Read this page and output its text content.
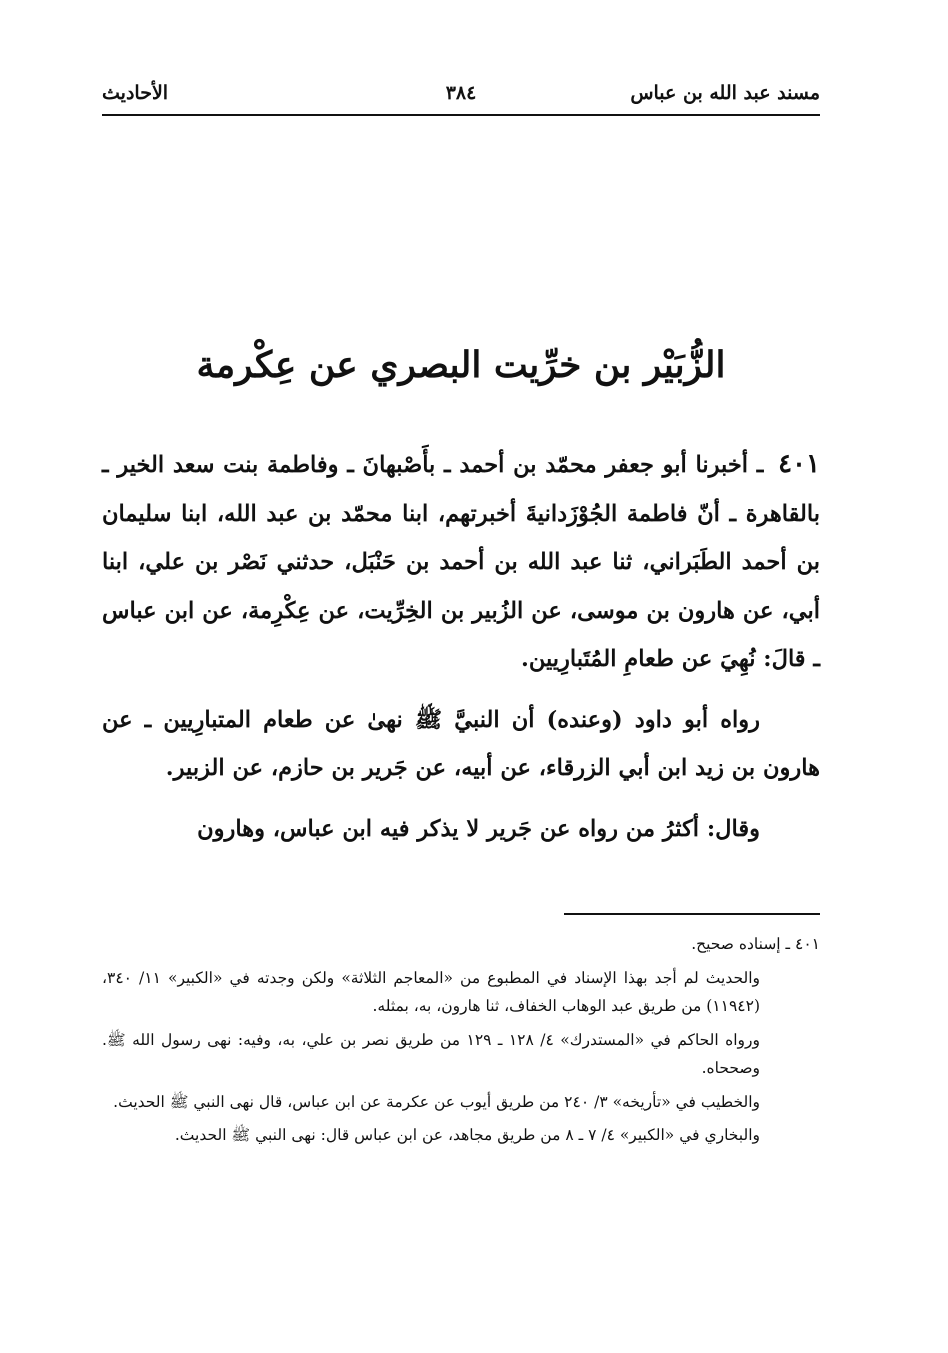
مسند عبد الله بن عباس
٣٨٤
الأحاديث
الزُّبَيْر بن خرِّيت البصري عن عِكْرمة

٤٠١ ـ أخبرنا أبو جعفر محمّد بن أحمد ـ بأَصْبهانَ ـ وفاطمة بنت سعد الخير ـ بالقاهرة ـ أنّ فاطمة الجُوْزَدانيةَ أخبرتهم، ابنا محمّد بن عبد الله، ابنا سليمان بن أحمد الطَبَراني، ثنا عبد الله بن أحمد بن حَنْبَل، حدثني نَصْر بن علي، ابنا أبي، عن هارون بن موسى، عن الزُبير بن الخِرِّيت، عن عِكْرِمة، عن ابن عباس ـ قالَ: نُهِيَ عن طعامِ المُتَبارِيين.

رواه أبو داود (وعنده) أن النبيَّ ﷺ نهىٰ عن طعام المتبارِيين ـ عن هارون بن زيد ابن أبي الزرقاء، عن أبيه، عن جَرير بن حازم، عن الزبير.

وقال: أكثرُ من رواه عن جَرير لا يذكر فيه ابن عباس، وهارون

٤٠١ ـ إسناده صحيح.

والحديث لم أجد بهذا الإسناد في المطبوع من «المعاجم الثلاثة» ولكن وجدته في «الكبير» ١١/ ٣٤٠، (١١٩٤٢) من طريق عبد الوهاب الخفاف، ثنا هارون، به، بمثله.

ورواه الحاكم في «المستدرك» ٤/ ١٢٨ ـ ١٢٩ من طريق نصر بن علي، به، وفيه: نهى رسول الله ﷺ. وصححاه.

والخطيب في «تأريخه» ٣/ ٢٤٠ من طريق أيوب عن عكرمة عن ابن عباس، قال نهى النبي ﷺ الحديث.

والبخاري في «الكبير» ٤/ ٧ ـ ٨ من طريق مجاهد، عن ابن عباس قال: نهى النبي ﷺ الحديث.
